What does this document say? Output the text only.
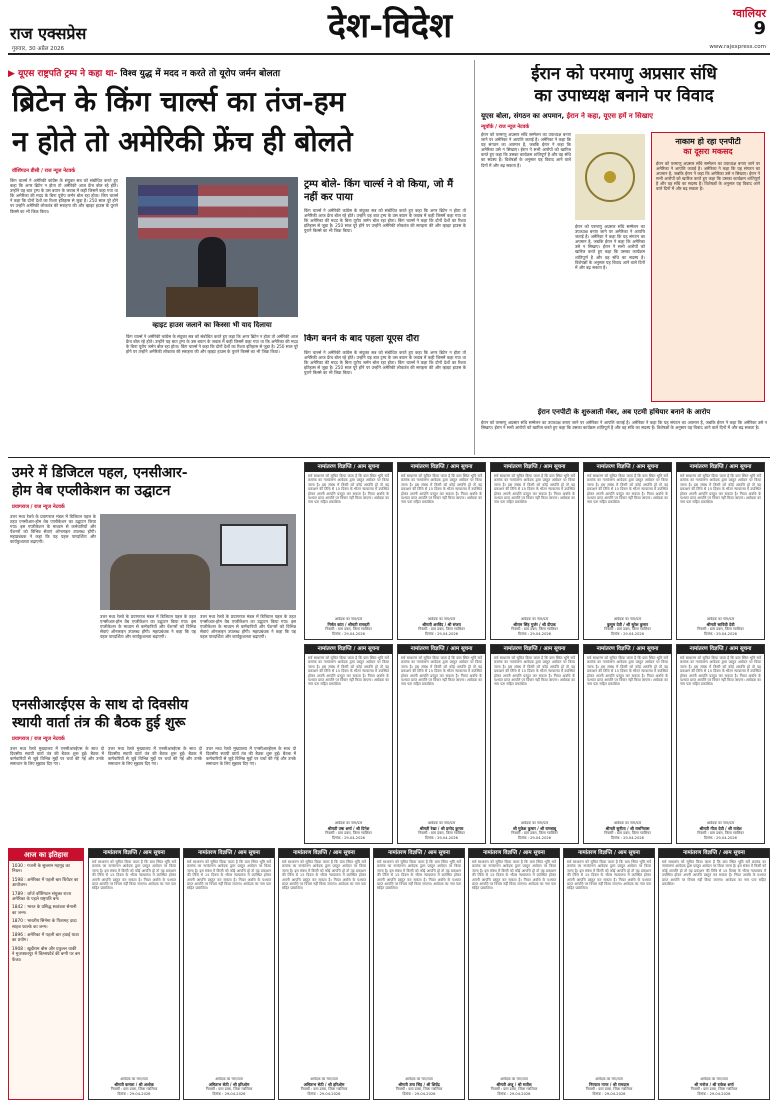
राज एक्सप्रेस
गुरुवार, 30 अप्रैल 2026
देश-विदेश	ग्वालियर
9
www.rajexpress.com
▶ यूएस राष्ट्रपति ट्रम्प ने कहा था- विश्व युद्ध में मदद न करते तो यूरोप जर्मन बोलता
ब्रिटेन के किंग चार्ल्स का तंज-हम
न होते तो अमेरिकी फ्रेंच ही बोलते
वॉशिंगटन डीसी / राज न्यूज नेटवर्क
किंग चार्ल्स ने अमेरिकी कांग्रेस के संयुक्त सत्र को संबोधित करते हुए कहा कि अगर ब्रिटेन न होता तो अमेरिकी आज फ्रेंच बोल रहे होते। उन्होंने यह बात ट्रम्प के उस बयान के जवाब में कही जिसमें कहा गया था कि अमेरिका की मदद के बिना यूरोप जर्मन बोल रहा होता। किंग चार्ल्स ने कहा कि दोनों देशों का रिश्ता इतिहास से जुड़ा है। 250 साल पूरे होने पर उन्होंने अमेरिकी लोकतंत्र की सराहना की और व्हाइट हाउस के पुराने किस्से का भी जिक्र किया।
व्हाइट हाउस जलाने का किस्सा भी याद दिलाया
किंग चार्ल्स ने अमेरिकी कांग्रेस के संयुक्त सत्र को संबोधित करते हुए कहा कि अगर ब्रिटेन न होता तो अमेरिकी आज फ्रेंच बोल रहे होते। उन्होंने यह बात ट्रम्प के उस बयान के जवाब में कही जिसमें कहा गया था कि अमेरिका की मदद के बिना यूरोप जर्मन बोल रहा होता। किंग चार्ल्स ने कहा कि दोनों देशों का रिश्ता इतिहास से जुड़ा है। 250 साल पूरे होने पर उन्होंने अमेरिकी लोकतंत्र की सराहना की और व्हाइट हाउस के पुराने किस्से का भी जिक्र किया।
ट्रम्प बोले- किंग चार्ल्स ने वो किया, जो मैं नहीं कर पाया
किंग चार्ल्स ने अमेरिकी कांग्रेस के संयुक्त सत्र को संबोधित करते हुए कहा कि अगर ब्रिटेन न होता तो अमेरिकी आज फ्रेंच बोल रहे होते। उन्होंने यह बात ट्रम्प के उस बयान के जवाब में कही जिसमें कहा गया था कि अमेरिका की मदद के बिना यूरोप जर्मन बोल रहा होता। किंग चार्ल्स ने कहा कि दोनों देशों का रिश्ता इतिहास से जुड़ा है। 250 साल पूरे होने पर उन्होंने अमेरिकी लोकतंत्र की सराहना की और व्हाइट हाउस के पुराने किस्से का भी जिक्र किया।
किंग बनने के बाद पहला यूएस दौरा
किंग चार्ल्स ने अमेरिकी कांग्रेस के संयुक्त सत्र को संबोधित करते हुए कहा कि अगर ब्रिटेन न होता तो अमेरिकी आज फ्रेंच बोल रहे होते। उन्होंने यह बात ट्रम्प के उस बयान के जवाब में कही जिसमें कहा गया था कि अमेरिका की मदद के बिना यूरोप जर्मन बोल रहा होता। किंग चार्ल्स ने कहा कि दोनों देशों का रिश्ता इतिहास से जुड़ा है। 250 साल पूरे होने पर उन्होंने अमेरिकी लोकतंत्र की सराहना की और व्हाइट हाउस के पुराने किस्से का भी जिक्र किया।
ईरान को परमाणु अप्रसार संधि
का उपाध्यक्ष बनाने पर विवाद
यूएस बोला, संगठन का अपमान, ईरान ने कहा, यूएस हमें न सिखाए
न्यूयॉर्क / राज न्यूज नेटवर्क
ईरान को परमाणु अप्रसार संधि सम्मेलन का उपाध्यक्ष बनाए जाने पर अमेरिका ने आपत्ति जताई है। अमेरिका ने कहा कि यह संगठन का अपमान है, जबकि ईरान ने कहा कि अमेरिका उसे न सिखाए। ईरान ने सभी आरोपों को खारिज करते हुए कहा कि उसका कार्यक्रम शांतिपूर्ण है और वह संधि का सदस्य है। विशेषज्ञों के अनुसार यह विवाद आने वाले दिनों में और बढ़ सकता है।
ईरान को परमाणु अप्रसार संधि सम्मेलन का उपाध्यक्ष बनाए जाने पर अमेरिका ने आपत्ति जताई है। अमेरिका ने कहा कि यह संगठन का अपमान है, जबकि ईरान ने कहा कि अमेरिका उसे न सिखाए। ईरान ने सभी आरोपों को खारिज करते हुए कहा कि उसका कार्यक्रम शांतिपूर्ण है और वह संधि का सदस्य है। विशेषज्ञों के अनुसार यह विवाद आने वाले दिनों में और बढ़ सकता है।
नाकाम हो रहा एनपीटी
का दूसरा मकसद
ईरान को परमाणु अप्रसार संधि सम्मेलन का उपाध्यक्ष बनाए जाने पर अमेरिका ने आपत्ति जताई है। अमेरिका ने कहा कि यह संगठन का अपमान है, जबकि ईरान ने कहा कि अमेरिका उसे न सिखाए। ईरान ने सभी आरोपों को खारिज करते हुए कहा कि उसका कार्यक्रम शांतिपूर्ण है और वह संधि का सदस्य है। विशेषज्ञों के अनुसार यह विवाद आने वाले दिनों में और बढ़ सकता है।
ईरान एनपीटी के शुरुआती मेंबर, अब एटमी हथियार बनाने के आरोप
ईरान को परमाणु अप्रसार संधि सम्मेलन का उपाध्यक्ष बनाए जाने पर अमेरिका ने आपत्ति जताई है। अमेरिका ने कहा कि यह संगठन का अपमान है, जबकि ईरान ने कहा कि अमेरिका उसे न सिखाए। ईरान ने सभी आरोपों को खारिज करते हुए कहा कि उसका कार्यक्रम शांतिपूर्ण है और वह संधि का सदस्य है। विशेषज्ञों के अनुसार यह विवाद आने वाले दिनों में और बढ़ सकता है।
उमरे में डिजिटल पहल, एनसीआर-
होम वेब एप्लीकेशन का उद्घाटन
प्रयागराज / राज न्यूज नेटवर्क
उत्तर मध्य रेलवे के प्रयागराज मंडल में डिजिटल पहल के तहत एनसीआर-होम वेब एप्लीकेशन का उद्घाटन किया गया। इस एप्लीकेशन के माध्यम से कर्मचारियों और पेंशनरों को विभिन्न सेवाएं ऑनलाइन उपलब्ध होंगी। महाप्रबंधक ने कहा कि यह पहल पारदर्शिता और कार्यकुशलता बढ़ाएगी।
उत्तर मध्य रेलवे के प्रयागराज मंडल में डिजिटल पहल के तहत एनसीआर-होम वेब एप्लीकेशन का उद्घाटन किया गया। इस एप्लीकेशन के माध्यम से कर्मचारियों और पेंशनरों को विभिन्न सेवाएं ऑनलाइन उपलब्ध होंगी। महाप्रबंधक ने कहा कि यह पहल पारदर्शिता और कार्यकुशलता बढ़ाएगी।
उत्तर मध्य रेलवे के प्रयागराज मंडल में डिजिटल पहल के तहत एनसीआर-होम वेब एप्लीकेशन का उद्घाटन किया गया। इस एप्लीकेशन के माध्यम से कर्मचारियों और पेंशनरों को विभिन्न सेवाएं ऑनलाइन उपलब्ध होंगी। महाप्रबंधक ने कहा कि यह पहल पारदर्शिता और कार्यकुशलता बढ़ाएगी।
एनसीआरईएस के साथ दो दिवसीय
स्थायी वार्ता तंत्र की बैठक हुई शुरू
प्रयागराज / राज न्यूज नेटवर्क
उत्तर मध्य रेलवे मुख्यालय में एनसीआरईएस के साथ दो दिवसीय स्थायी वार्ता तंत्र की बैठक शुरू हुई। बैठक में कर्मचारियों से जुड़े विभिन्न मुद्दों पर चर्चा की गई और उनके समाधान के लिए सुझाव दिए गए।
उत्तर मध्य रेलवे मुख्यालय में एनसीआरईएस के साथ दो दिवसीय स्थायी वार्ता तंत्र की बैठक शुरू हुई। बैठक में कर्मचारियों से जुड़े विभिन्न मुद्दों पर चर्चा की गई और उनके समाधान के लिए सुझाव दिए गए।
उत्तर मध्य रेलवे मुख्यालय में एनसीआरईएस के साथ दो दिवसीय स्थायी वार्ता तंत्र की बैठक शुरू हुई। बैठक में कर्मचारियों से जुड़े विभिन्न मुद्दों पर चर्चा की गई और उनके समाधान के लिए सुझाव दिए गए।
आज का इतिहास
1030 : गजनी के सुल्तान महमूद का निधन।
1598 : अमेरिका में पहली बार थियेटर का आयोजन।
1789 : जॉर्ज वॉशिंगटन संयुक्त राज्य अमेरिका के पहले राष्ट्रपति बने।
1842 : भारत के प्रसिद्ध स्वतंत्रता सेनानी का जन्म।
1870 : भारतीय सिनेमा के पितामह दादा साहब फाल्के का जन्म।
1896 : अमेरिका में पहली बार हवाई यात्रा का प्रयोग।
1908 : खुदीराम बोस और प्रफुल्ल चाकी ने मुजफ्फरपुर में किंग्सफोर्ड की बग्गी पर बम फेंका।
नामांतरण विज्ञप्ति / आम सूचना
सर्व साधारण को सूचित किया जाता है कि ग्राम स्थित भूमि सर्वे क्रमांक का नामांतरण आवेदक द्वारा प्रस्तुत आवेदन पर किया जाना है। इस संबंध में किसी को कोई आपत्ति हो तो वह प्रकाशन की तिथि से 15 दिवस के भीतर न्यायालय में उपस्थित होकर अपनी आपत्ति प्रस्तुत कर सकता है। नियत अवधि के पश्चात प्राप्त आपत्ति पर विचार नहीं किया जाएगा। आवेदक का नाम पता सहित प्रकाशित।
आवेदक का नाम/पता
निर्मल कांत / श्रीमती रामवती
निवासी : ग्राम डबरा, जिला ग्वालियर
दिनांक : 29-04-2026
नामांतरण विज्ञप्ति / आम सूचना
सर्व साधारण को सूचित किया जाता है कि ग्राम स्थित भूमि सर्वे क्रमांक का नामांतरण आवेदक द्वारा प्रस्तुत आवेदन पर किया जाना है। इस संबंध में किसी को कोई आपत्ति हो तो वह प्रकाशन की तिथि से 15 दिवस के भीतर न्यायालय में उपस्थित होकर अपनी आपत्ति प्रस्तुत कर सकता है। नियत अवधि के पश्चात प्राप्त आपत्ति पर विचार नहीं किया जाएगा। आवेदक का नाम पता सहित प्रकाशित।
आवेदक का नाम/पता
श्रीमती अरविंद / श्री संजय
निवासी : ग्राम डबरा, जिला ग्वालियर
दिनांक : 29-04-2026
नामांतरण विज्ञप्ति / आम सूचना
सर्व साधारण को सूचित किया जाता है कि ग्राम स्थित भूमि सर्वे क्रमांक का नामांतरण आवेदक द्वारा प्रस्तुत आवेदन पर किया जाना है। इस संबंध में किसी को कोई आपत्ति हो तो वह प्रकाशन की तिथि से 15 दिवस के भीतर न्यायालय में उपस्थित होकर अपनी आपत्ति प्रस्तुत कर सकता है। नियत अवधि के पश्चात प्राप्त आपत्ति पर विचार नहीं किया जाएगा। आवेदक का नाम पता सहित प्रकाशित।
आवेदक का नाम/पता
श्रीराम सिंह गुर्जर / श्री दीपक
निवासी : ग्राम डबरा, जिला ग्वालियर
दिनांक : 29-04-2026
नामांतरण विज्ञप्ति / आम सूचना
सर्व साधारण को सूचित किया जाता है कि ग्राम स्थित भूमि सर्वे क्रमांक का नामांतरण आवेदक द्वारा प्रस्तुत आवेदन पर किया जाना है। इस संबंध में किसी को कोई आपत्ति हो तो वह प्रकाशन की तिथि से 15 दिवस के भीतर न्यायालय में उपस्थित होकर अपनी आपत्ति प्रस्तुत कर सकता है। नियत अवधि के पश्चात प्राप्त आपत्ति पर विचार नहीं किया जाएगा। आवेदक का नाम पता सहित प्रकाशित।
आवेदक का नाम/पता
कुसुम देवी / श्री सुरेश कुमार
निवासी : ग्राम डबरा, जिला ग्वालियर
दिनांक : 29-04-2026
नामांतरण विज्ञप्ति / आम सूचना
सर्व साधारण को सूचित किया जाता है कि ग्राम स्थित भूमि सर्वे क्रमांक का नामांतरण आवेदक द्वारा प्रस्तुत आवेदन पर किया जाना है। इस संबंध में किसी को कोई आपत्ति हो तो वह प्रकाशन की तिथि से 15 दिवस के भीतर न्यायालय में उपस्थित होकर अपनी आपत्ति प्रस्तुत कर सकता है। नियत अवधि के पश्चात प्राप्त आपत्ति पर विचार नहीं किया जाएगा। आवेदक का नाम पता सहित प्रकाशित।
आवेदक का नाम/पता
श्रीमती सावित्री देवी
निवासी : ग्राम डबरा, जिला ग्वालियर
दिनांक : 29-04-2026
नामांतरण विज्ञप्ति / आम सूचना
सर्व साधारण को सूचित किया जाता है कि ग्राम स्थित भूमि सर्वे क्रमांक का नामांतरण आवेदक द्वारा प्रस्तुत आवेदन पर किया जाना है। इस संबंध में किसी को कोई आपत्ति हो तो वह प्रकाशन की तिथि से 15 दिवस के भीतर न्यायालय में उपस्थित होकर अपनी आपत्ति प्रस्तुत कर सकता है। नियत अवधि के पश्चात प्राप्त आपत्ति पर विचार नहीं किया जाएगा। आवेदक का नाम पता सहित प्रकाशित।
आवेदक का नाम/पता
श्रीमती उषा शर्मा / श्री दिनेश
निवासी : ग्राम डबरा, जिला ग्वालियर
दिनांक : 29-04-2026
नामांतरण विज्ञप्ति / आम सूचना
सर्व साधारण को सूचित किया जाता है कि ग्राम स्थित भूमि सर्वे क्रमांक का नामांतरण आवेदक द्वारा प्रस्तुत आवेदन पर किया जाना है। इस संबंध में किसी को कोई आपत्ति हो तो वह प्रकाशन की तिथि से 15 दिवस के भीतर न्यायालय में उपस्थित होकर अपनी आपत्ति प्रस्तुत कर सकता है। नियत अवधि के पश्चात प्राप्त आपत्ति पर विचार नहीं किया जाएगा। आवेदक का नाम पता सहित प्रकाशित।
आवेदक का नाम/पता
श्रीमती रेखा / श्री प्रमोद कुमार
निवासी : ग्राम डबरा, जिला ग्वालियर
दिनांक : 29-04-2026
नामांतरण विज्ञप्ति / आम सूचना
सर्व साधारण को सूचित किया जाता है कि ग्राम स्थित भूमि सर्वे क्रमांक का नामांतरण आवेदक द्वारा प्रस्तुत आवेदन पर किया जाना है। इस संबंध में किसी को कोई आपत्ति हो तो वह प्रकाशन की तिथि से 15 दिवस के भीतर न्यायालय में उपस्थित होकर अपनी आपत्ति प्रस्तुत कर सकता है। नियत अवधि के पश्चात प्राप्त आपत्ति पर विचार नहीं किया जाएगा। आवेदक का नाम पता सहित प्रकाशित।
आवेदक का नाम/पता
श्री मुकेश कुमार / श्री रामबाबू
निवासी : ग्राम डबरा, जिला ग्वालियर
दिनांक : 29-04-2026
नामांतरण विज्ञप्ति / आम सूचना
सर्व साधारण को सूचित किया जाता है कि ग्राम स्थित भूमि सर्वे क्रमांक का नामांतरण आवेदक द्वारा प्रस्तुत आवेदन पर किया जाना है। इस संबंध में किसी को कोई आपत्ति हो तो वह प्रकाशन की तिथि से 15 दिवस के भीतर न्यायालय में उपस्थित होकर अपनी आपत्ति प्रस्तुत कर सकता है। नियत अवधि के पश्चात प्राप्त आपत्ति पर विचार नहीं किया जाएगा। आवेदक का नाम पता सहित प्रकाशित।
आवेदक का नाम/पता
श्रीमती सुनीता / श्री रामनिवास
निवासी : ग्राम डबरा, जिला ग्वालियर
दिनांक : 29-04-2026
नामांतरण विज्ञप्ति / आम सूचना
सर्व साधारण को सूचित किया जाता है कि ग्राम स्थित भूमि सर्वे क्रमांक का नामांतरण आवेदक द्वारा प्रस्तुत आवेदन पर किया जाना है। इस संबंध में किसी को कोई आपत्ति हो तो वह प्रकाशन की तिथि से 15 दिवस के भीतर न्यायालय में उपस्थित होकर अपनी आपत्ति प्रस्तुत कर सकता है। नियत अवधि के पश्चात प्राप्त आपत्ति पर विचार नहीं किया जाएगा। आवेदक का नाम पता सहित प्रकाशित।
आवेदक का नाम/पता
श्रीमती गीता देवी / श्री राजेश
निवासी : ग्राम डबरा, जिला ग्वालियर
दिनांक : 29-04-2026
नामांतरण विज्ञप्ति / आम सूचना
सर्व साधारण को सूचित किया जाता है कि ग्राम स्थित भूमि सर्वे क्रमांक का नामांतरण आवेदक द्वारा प्रस्तुत आवेदन पर किया जाना है। इस संबंध में किसी को कोई आपत्ति हो तो वह प्रकाशन की तिथि से 15 दिवस के भीतर न्यायालय में उपस्थित होकर अपनी आपत्ति प्रस्तुत कर सकता है। नियत अवधि के पश्चात प्राप्त आपत्ति पर विचार नहीं किया जाएगा। आवेदक का नाम पता सहित प्रकाशित।
आवेदक का नाम/पता
श्रीमती कमला / श्री अशोक
निवासी : ग्राम डबरा, जिला ग्वालियर
दिनांक : 29-04-2026
नामांतरण विज्ञप्ति / आम सूचना
सर्व साधारण को सूचित किया जाता है कि ग्राम स्थित भूमि सर्वे क्रमांक का नामांतरण आवेदक द्वारा प्रस्तुत आवेदन पर किया जाना है। इस संबंध में किसी को कोई आपत्ति हो तो वह प्रकाशन की तिथि से 15 दिवस के भीतर न्यायालय में उपस्थित होकर अपनी आपत्ति प्रस्तुत कर सकता है। नियत अवधि के पश्चात प्राप्त आपत्ति पर विचार नहीं किया जाएगा। आवेदक का नाम पता सहित प्रकाशित।
आवेदक का नाम/पता
अमिताभ सेठी / श्री हरिओम
निवासी : ग्राम डबरा, जिला ग्वालियर
दिनांक : 29-04-2026
नामांतरण विज्ञप्ति / आम सूचना
सर्व साधारण को सूचित किया जाता है कि ग्राम स्थित भूमि सर्वे क्रमांक का नामांतरण आवेदक द्वारा प्रस्तुत आवेदन पर किया जाना है। इस संबंध में किसी को कोई आपत्ति हो तो वह प्रकाशन की तिथि से 15 दिवस के भीतर न्यायालय में उपस्थित होकर अपनी आपत्ति प्रस्तुत कर सकता है। नियत अवधि के पश्चात प्राप्त आपत्ति पर विचार नहीं किया जाएगा। आवेदक का नाम पता सहित प्रकाशित।
आवेदक का नाम/पता
अमिताभ सेठी / श्री हरिओम
निवासी : ग्राम डबरा, जिला ग्वालियर
दिनांक : 29-04-2026
नामांतरण विज्ञप्ति / आम सूचना
सर्व साधारण को सूचित किया जाता है कि ग्राम स्थित भूमि सर्वे क्रमांक का नामांतरण आवेदक द्वारा प्रस्तुत आवेदन पर किया जाना है। इस संबंध में किसी को कोई आपत्ति हो तो वह प्रकाशन की तिथि से 15 दिवस के भीतर न्यायालय में उपस्थित होकर अपनी आपत्ति प्रस्तुत कर सकता है। नियत अवधि के पश्चात प्राप्त आपत्ति पर विचार नहीं किया जाएगा। आवेदक का नाम पता सहित प्रकाशित।
आवेदक का नाम/पता
श्रीमती उमा सिंह / श्री शिवेंद्र
निवासी : ग्राम डबरा, जिला ग्वालियर
दिनांक : 29-04-2026
नामांतरण विज्ञप्ति / आम सूचना
सर्व साधारण को सूचित किया जाता है कि ग्राम स्थित भूमि सर्वे क्रमांक का नामांतरण आवेदक द्वारा प्रस्तुत आवेदन पर किया जाना है। इस संबंध में किसी को कोई आपत्ति हो तो वह प्रकाशन की तिथि से 15 दिवस के भीतर न्यायालय में उपस्थित होकर अपनी आपत्ति प्रस्तुत कर सकता है। नियत अवधि के पश्चात प्राप्त आपत्ति पर विचार नहीं किया जाएगा। आवेदक का नाम पता सहित प्रकाशित।
आवेदक का नाम/पता
श्रीमती अंजू / श्री सतीश
निवासी : ग्राम डबरा, जिला ग्वालियर
दिनांक : 29-04-2026
नामांतरण विज्ञप्ति / आम सूचना
सर्व साधारण को सूचित किया जाता है कि ग्राम स्थित भूमि सर्वे क्रमांक का नामांतरण आवेदक द्वारा प्रस्तुत आवेदन पर किया जाना है। इस संबंध में किसी को कोई आपत्ति हो तो वह प्रकाशन की तिथि से 15 दिवस के भीतर न्यायालय में उपस्थित होकर अपनी आपत्ति प्रस्तुत कर सकता है। नियत अवधि के पश्चात प्राप्त आपत्ति पर विचार नहीं किया जाएगा। आवेदक का नाम पता सहित प्रकाशित।
आवेदक का नाम/पता
निरपाल नागर / श्री रामदास
निवासी : ग्राम डबरा, जिला ग्वालियर
दिनांक : 29-04-2026
नामांतरण विज्ञप्ति / आम सूचना
सर्व साधारण को सूचित किया जाता है कि ग्राम स्थित भूमि सर्वे क्रमांक का नामांतरण आवेदक द्वारा प्रस्तुत आवेदन पर किया जाना है। इस संबंध में किसी को कोई आपत्ति हो तो वह प्रकाशन की तिथि से 15 दिवस के भीतर न्यायालय में उपस्थित होकर अपनी आपत्ति प्रस्तुत कर सकता है। नियत अवधि के पश्चात प्राप्त आपत्ति पर विचार नहीं किया जाएगा। आवेदक का नाम पता सहित प्रकाशित।
आवेदक का नाम/पता
श्री मनोज / श्री राकेश शर्मा
निवासी : ग्राम डबरा, जिला ग्वालियर
दिनांक : 29-04-2026
